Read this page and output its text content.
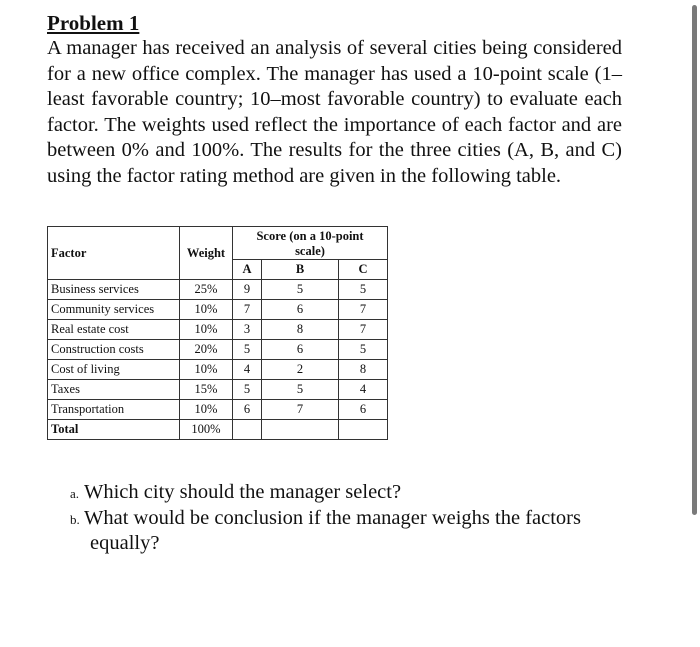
Problem 1

A manager has received an analysis of several cities being considered for a new office complex. The manager has used a 10-point scale (1–least favorable country; 10–most favorable country) to evaluate each factor. The weights used reflect the importance of each factor and are between 0% and 100%. The results for the three cities (A, B, and C) using the factor rating method are given in the following table.

Factor	Weight	Score (on a 10-point
scale)		
		A	B	C
Business services	25%	9	5	5
Community services	10%	7	6	7
Real estate cost	10%	3	8	7
Construction costs	20%	5	6	5
Cost of living	10%	4	2	8
Taxes	15%	5	5	4
Transportation	10%	6	7	6
Total	100%			
a. Which city should the manager select?
b. What would be conclusion if the manager weighs the factors
equally?
